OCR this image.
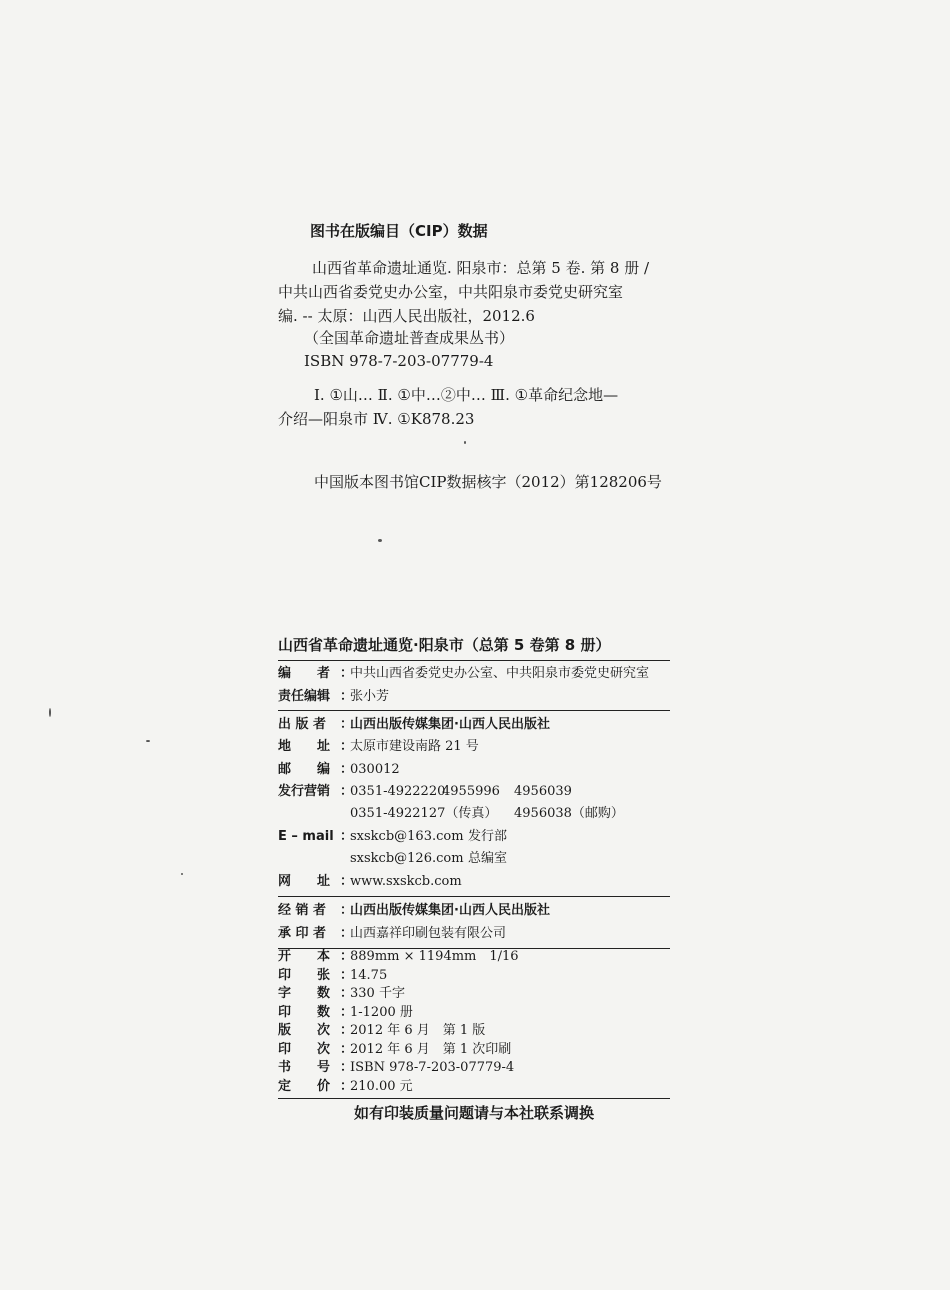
图书在版编目（CIP）数据
山西省革命遗址通览. 阳泉市：总第 5 卷. 第 8 册 /
中共山西省委党史办公室，中共阳泉市委党史研究室
编. -- 太原：山西人民出版社，2012.6
（全国革命遗址普查成果丛书）
ISBN 978-7-203-07779-4
Ⅰ. ①山… Ⅱ. ①中…②中… Ⅲ. ①革命纪念地—
介绍—阳泉市 Ⅳ. ①K878.23
中国版本图书馆CIP数据核字（2012）第128206号
山西省革命遗址通览·阳泉市（总第 5 卷第 8 册）
编　　者 ：
中共山西省委党史办公室、中共阳泉市委党史研究室
责任编辑 ：
张小芳
出 版 者	：
山西出版传媒集团·山西人民出版社
地　　址 ：
太原市建设南路 21 号
邮　　编 ：
030012
发行营销 ：
0351-4922220
4955996 4956039
0351-4922127（传真） 4956038（邮购）
E – mail ：
sxskcb@163.com 发行部
sxskcb@126.com 总编室
网　　址 ：
www.sxskcb.com
经 销 者	：
山西出版传媒集团·山西人民出版社
承 印 者	：
山西嘉祥印刷包装有限公司
开　　本 ：
889mm × 1194mm　1/16
印　　张 ：
14.75
字　　数 ：
330 千字
印　　数 ：
1-1200 册
版　　次 ：
2012 年 6 月　第 1 版
印　　次 ：
2012 年 6 月　第 1 次印刷
书　　号 ：
ISBN 978-7-203-07779-4
定　　价 ：
210.00 元
如有印装质量问题请与本社联系调换
